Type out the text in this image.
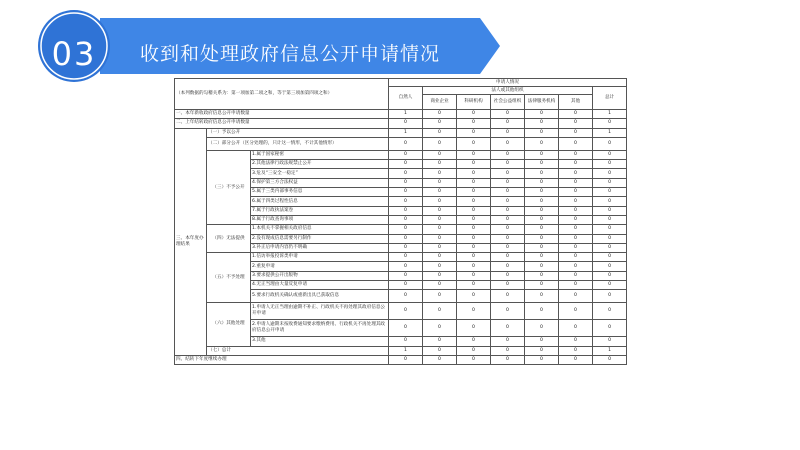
03	收到和处理政府信息公开申请情况
（本列数据的勾稽关系为：第一项加第二项之和，等于第三项加第四项之和）			申请人情况						
			自然人	法人或其他组织					总计
				商业企业	科研机构	社会公益组织	法律服务机构	其他	
一、本年新收政府信息公开申请数量			1	0	0	0	0	0	1
二、上年结转政府信息公开申请数量			0	0	0	0	0	0	0
三、本年度办理结果	（一）予以公开		1	0	0	0	0	0	1
	（二）部分公开（区分处理的，只计这一情形，不计其他情形）		0	0	0	0	0	0	0
	（三）不予公开	1.属于国家秘密	0	0	0	0	0	0	0
		2.其他法律行政法规禁止公开	0	0	0	0	0	0	0
		3.危及“三安全一稳定”	0	0	0	0	0	0	0
		4.保护第三方合法权益	0	0	0	0	0	0	0
		5.属于三类内部事务信息	0	0	0	0	0	0	0
		6.属于四类过程性信息	0	0	0	0	0	0	0
		7.属于行政执法案卷	0	0	0	0	0	0	0
		8.属于行政查询事项	0	0	0	0	0	0	0
	（四）无法提供	1.本机关不掌握相关政府信息	0	0	0	0	0	0	0
		2.没有现成信息需要另行制作	0	0	0	0	0	0	0
		3.补正后申请内容仍不明确	0	0	0	0	0	0	0
	（五）不予处理	1.信访举报投诉类申请	0	0	0	0	0	0	0
		2.重复申请	0	0	0	0	0	0	0
		3.要求提供公开出版物	0	0	0	0	0	0	0
		4.无正当理由大量反复申请	0	0	0	0	0	0	0
		5.要求行政机关确认或重新出具已获取信息	0	0	0	0	0	0	0
	（六）其他处理	1.申请人无正当理由逾期不补正、行政机关不再处理其政府信息公开申请	0	0	0	0	0	0	0
		2.申请人逾期未按收费通知要求缴纳费用、行政机关不再处理其政府信息公开申请	0	0	0	0	0	0	0
		3.其他	0	0	0	0	0	0	0
	（七）总计		1	0	0	0	0	0	1
四、结转下年度继续办理			0	0	0	0	0	0	0
